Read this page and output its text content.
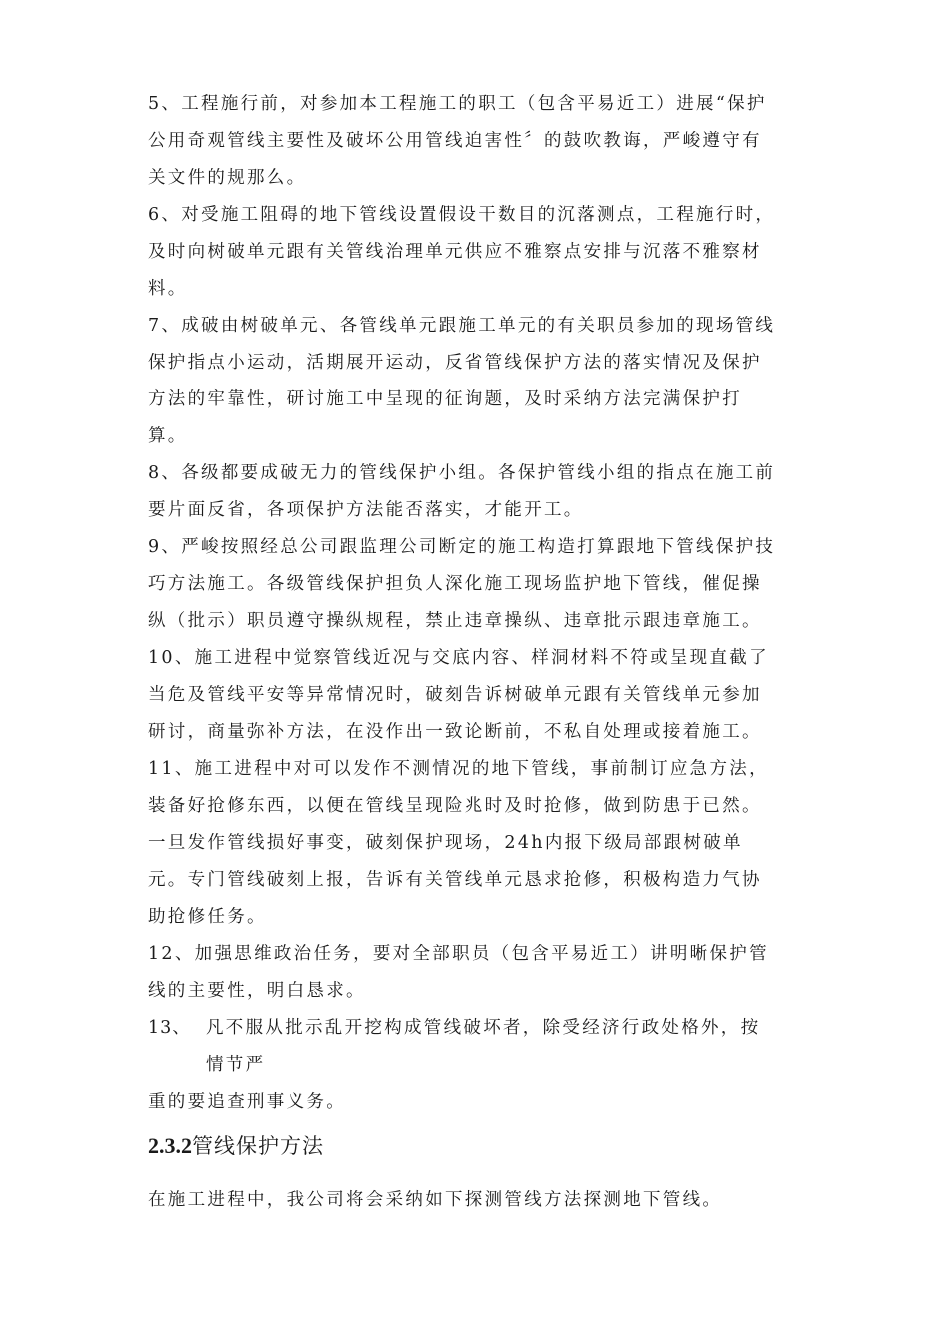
5、工程施行前，对参加本工程施工的职工（包含平易近工）进展“保护
公用奇观管线主要性及破坏公用管线迫害性〞的鼓吹教诲，严峻遵守有
关文件的规那么。
6、对受施工阻碍的地下管线设置假设干数目的沉落测点，工程施行时，
及时向树破单元跟有关管线治理单元供应不雅察点安排与沉落不雅察材
料。
7、成破由树破单元、各管线单元跟施工单元的有关职员参加的现场管线
保护指点小运动，活期展开运动，反省管线保护方法的落实情况及保护
方法的牢靠性，研讨施工中呈现的征询题，及时采纳方法完满保护打
算。
8、各级都要成破无力的管线保护小组。各保护管线小组的指点在施工前
要片面反省，各项保护方法能否落实，才能开工。
9、严峻按照经总公司跟监理公司断定的施工构造打算跟地下管线保护技
巧方法施工。各级管线保护担负人深化施工现场监护地下管线，催促操
纵（批示）职员遵守操纵规程，禁止违章操纵、违章批示跟违章施工。
10、施工进程中觉察管线近况与交底内容、样洞材料不符或呈现直截了
当危及管线平安等异常情况时，破刻告诉树破单元跟有关管线单元参加
研讨，商量弥补方法，在没作出一致论断前，不私自处理或接着施工。
11、施工进程中对可以发作不测情况的地下管线，事前制订应急方法，
装备好抢修东西，以便在管线呈现险兆时及时抢修，做到防患于已然。
一旦发作管线损好事变，破刻保护现场，24h内报下级局部跟树破单
元。专门管线破刻上报，告诉有关管线单元恳求抢修，积极构造力气协
助抢修任务。
12、加强思维政治任务，要对全部职员（包含平易近工）讲明晰保护管
线的主要性，明白恳求。
13、 凡不服从批示乱开挖构成管线破坏者，除受经济行政处格外，按
情节严
重的要追查刑事义务。
2.3.2管线保护方法
在施工进程中，我公司将会采纳如下探测管线方法探测地下管线。
